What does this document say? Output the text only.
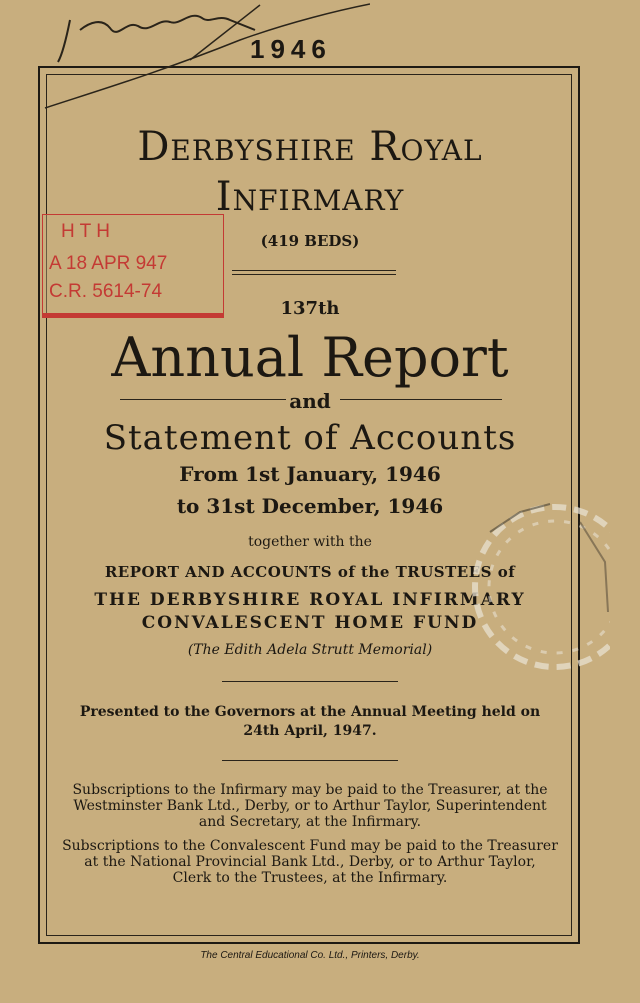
1946
Derbyshire Royal
Infirmary
(419 BEDS)
137th
Annual Report
and
Statement of Accounts
From 1st January, 1946
to 31st December, 1946
together with the
REPORT AND ACCOUNTS of the TRUSTEES of
THE DERBYSHIRE ROYAL INFIRMARY
CONVALESCENT HOME FUND
(The Edith Adela Strutt Memorial)
Presented to the Governors at the Annual Meeting held on
24th April, 1947.
Subscriptions to the Infirmary may be paid to the Treasurer, at the
Westminster Bank Ltd., Derby, or to Arthur Taylor, Superintendent
and Secretary, at the Infirmary.
Subscriptions to the Convalescent Fund may be paid to the Treasurer
at the National Provincial Bank Ltd., Derby, or to Arthur Taylor,
Clerk to the Trustees, at the Infirmary.
The Central Educational Co. Ltd., Printers, Derby.
H T H
A 18 APR 947
C.R. 5614-74
